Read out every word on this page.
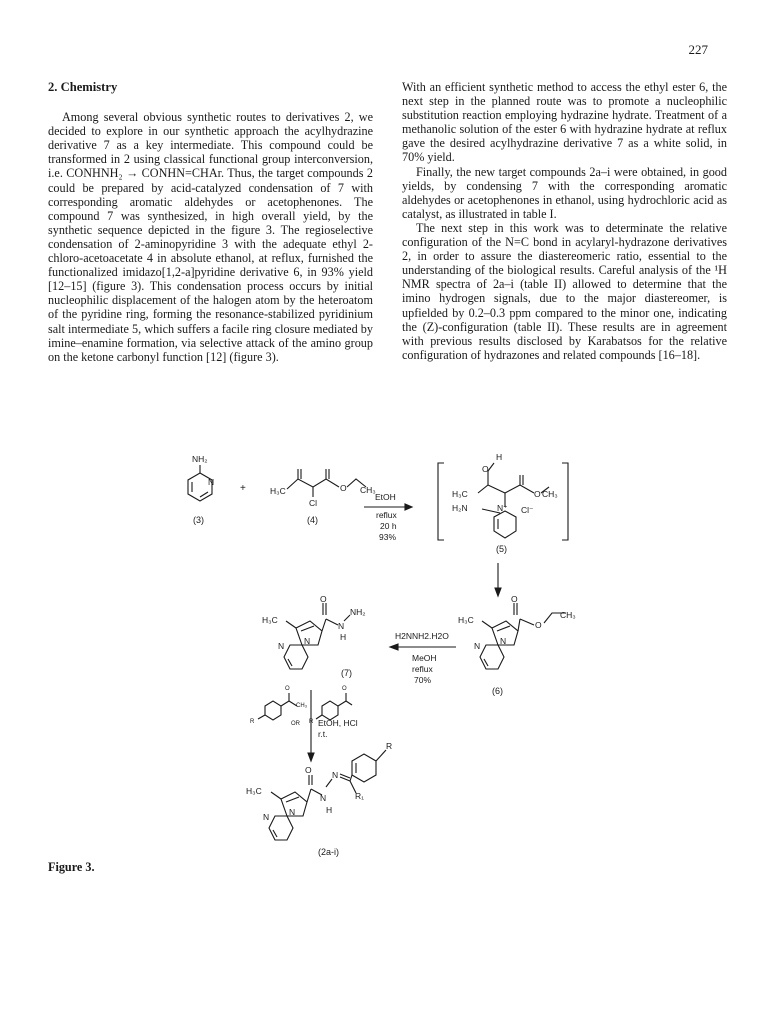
227
2. Chemistry

Among several obvious synthetic routes to derivatives 2, we decided to explore in our synthetic approach the acylhydrazine derivative 7 as a key intermediate. This compound could be transformed in 2 using classical functional group interconversion, i.e. CONHNH₂ → CONHN=CHAr. Thus, the target compounds 2 could be prepared by acid-catalyzed condensation of 7 with corresponding aromatic aldehydes or acetophenones. The compound 7 was synthesized, in high overall yield, by the synthetic sequence depicted in the figure 3. The regioselective condensation of 2-aminopyridine 3 with the adequate ethyl 2-chloro-acetoacetate 4 in absolute ethanol, at reflux, furnished the functionalized imidazo[1,2-a]pyridine derivative 6, in 93% yield [12–15] (figure 3). This condensation process occurs by initial nucleophilic displacement of the halogen atom by the heteroatom of the pyridine ring, forming the resonance-stabilized pyridinium salt intermediate 5, which suffers a facile ring closure mediated by imine–enamine formation, via selective attack of the amino group on the ketone carbonyl function [12] (figure 3).

With an efficient synthetic method to access the ethyl ester 6, the next step in the planned route was to promote a nucleophilic substitution reaction employing hydrazine hydrate. Treatment of a methanolic solution of the ester 6 with hydrazine hydrate at reflux gave the desired acylhydrazine derivative 7 as a white solid, in 70% yield.

Finally, the new target compounds 2a–i were obtained, in good yields, by condensing 7 with the corresponding aromatic aldehydes or acetophenones in ethanol, using hydrochloric acid as catalyst, as illustrated in table I.

The next step in this work was to determinate the relative configuration of the N=C bond in acylaryl-hydrazone derivatives 2, in order to assure the diastereomeric ratio, essential to the understanding of the biological results. Careful analysis of the ¹H NMR spectra of 2a–i (table II) allowed to determine that the imino hydrogen signals, due to the major diastereomer, is upfielded by 0.2–0.3 ppm compared to the minor one, indicating the (Z)-configuration (table II). These results are in agreement with previous results disclosed by Karabatsos for the relative configuration of hydrazones and related compounds [16–18].

NH₂
N
(3)
+	H₃C	O CH₃
Cl
(4)
EtOH
reflux
20 h
93%
H
O
H₃C	O CH₃
H₂N	N⁺ Cl⁻
(5)
H₃C
O
O
CH₃
N
N
(6)
H2NNH2.H2O
MeOH
reflux
70%
H₃C
O
N
H
NH₂
N
N
(7)
O
CH₃
R	OR
O
R EtOH, HCl
r.t.
H₃C
O
N
H
N
R₁
R
N
N
(2a-i)
Figure 3.
